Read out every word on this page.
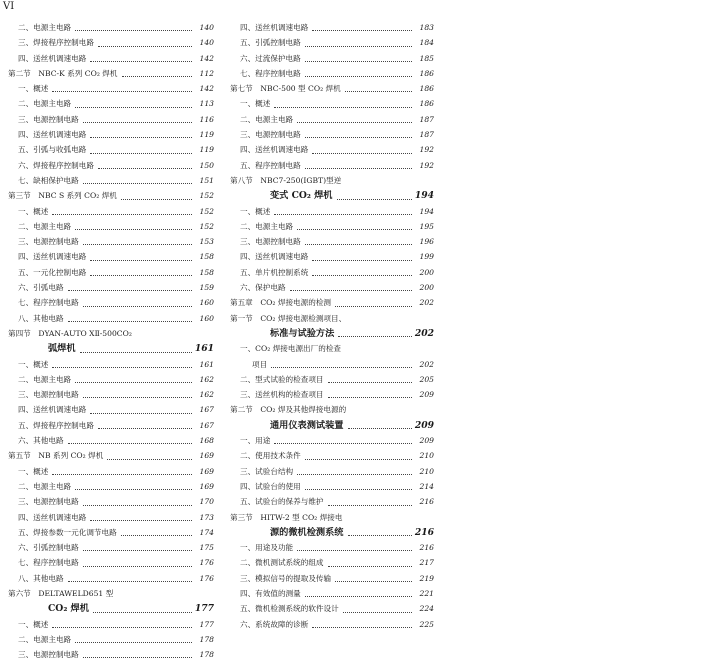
VI
二、电源主电路	140
三、焊接程序控制电路	140
四、送丝机调速电路	142
第二节　NBC-K 系列 CO₂ 焊机	112
一、概述	142
二、电源主电路	113
三、电源控制电路	116
四、送丝机调速电路	119
五、引弧与收弧电路	119
六、焊接程序控制电路	150
七、缺相保护电路	151
第三节　NBC S 系列 CO₂ 焊机	152
一、概述	152
二、电源主电路	152
三、电源控制电路	153
四、送丝机调速电路	158
五、一元化控制电路	158
六、引弧电路	159
七、程序控制电路	160
八、其他电路	160
第四节　DYAN-AUTO XⅡ-500CO₂
弧焊机	161
一、概述	161
二、电源主电路	162
三、电源控制电路	162
四、送丝机调速电路	167
五、焊接程序控制电路	167
六、其他电路	168
第五节　NB 系列 CO₂ 焊机	169
一、概述	169
二、电源主电路	169
三、电源控制电路	170
四、送丝机调速电路	173
五、焊接参数一元化调节电路	174
六、引弧控制电路	175
七、程序控制电路	176
八、其他电路	176
第六节　DELTAWELD651 型
CO₂ 焊机	177
一、概述	177
二、电源主电路	178
三、电源控制电路	178
四、送丝机调速电路	183
五、引弧控制电路	184
六、过流保护电路	185
七、程序控制电路	186
第七节　NBC-500 型 CO₂ 焊机	186
一、概述	186
二、电源主电路	187
三、电源控制电路	187
四、送丝机调速电路	192
五、程序控制电路	192
第八节　NBC7-250(IGBT)型逆
变式 CO₂ 焊机	194
一、概述	194
二、电源主电路	195
三、电源控制电路	196
四、送丝机调速电路	199
五、单片机控制系统	200
六、保护电路	200
第五章　CO₂ 焊接电源的检测	202
第一节　CO₂ 焊接电源检测项目、
标准与试验方法	202
一、CO₂ 焊接电源出厂的检查
项目	202
二、型式试验的检查项目	205
三、送丝机构的检查项目	209
第二节　CO₂ 焊及其他焊接电源的
通用仪表测试装置	209
一、用途	209
二、使用技术条件	210
三、试验台结构	210
四、试验台的使用	214
五、试验台的保养与维护	216
第三节　HITW-2 型 CO₂ 焊接电
源的微机检测系统	216
一、用途及功能	216
二、微机测试系统的组成	217
三、模拟信号的提取及传输	219
四、有效值的测量	221
五、微机检测系统的软件设计	224
六、系统故障的诊断	225
